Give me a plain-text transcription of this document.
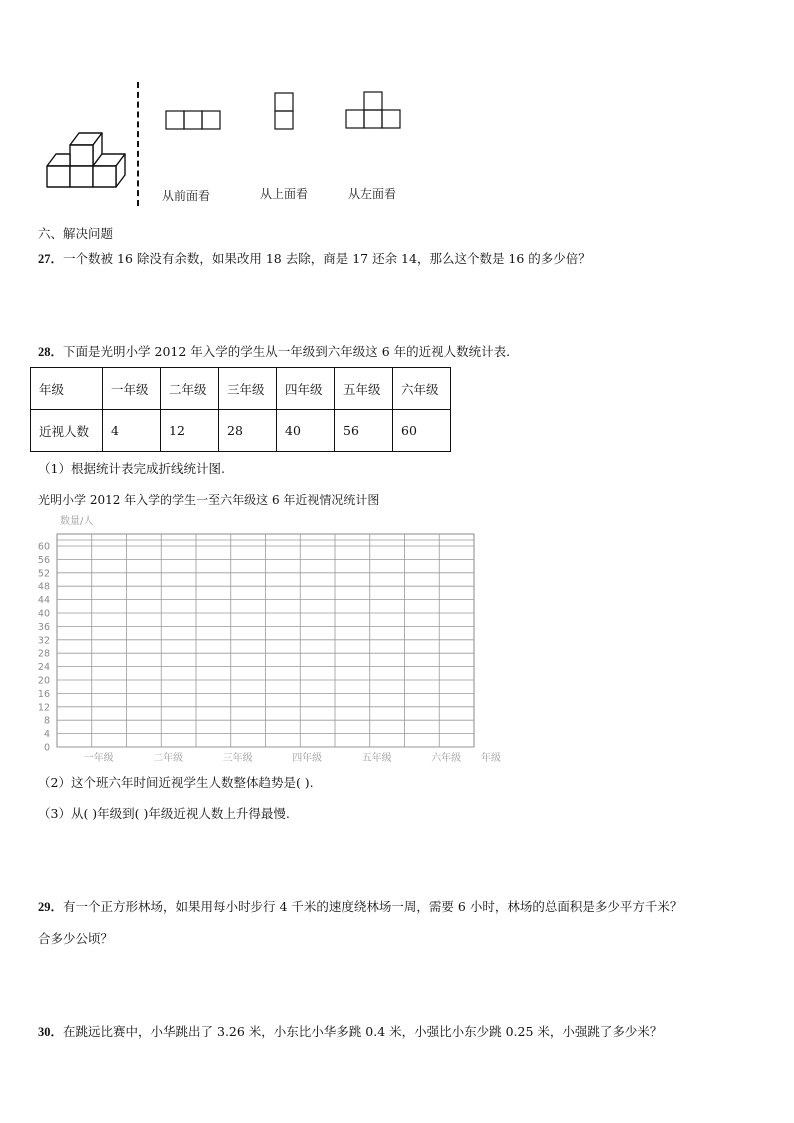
从前面看	从上面看	从左面看
六、解决问题
27．一个数被 16 除没有余数，如果改用 18 去除，商是 17 还余 14，那么这个数是 16 的多少倍？
28．下面是光明小学 2012 年入学的学生从一年级到六年级这 6 年的近视人数统计表.
年级	一年级	二年级	三年级	四年级	五年级	六年级
近视人数	4	12	28	40	56	60
（1）根据统计表完成折线统计图.
光明小学 2012 年入学的学生一至六年级这 6 年近视情况统计图
0
4
8
12
16
20
24
28
32
36
40
44
48
52
56
60
一年级	二年级	三年级	四年级	五年级	六年级
数量/人
年级
（2）这个班六年时间近视学生人数整体趋势是( ).
（3）从( )年级到( )年级近视人数上升得最慢.
29．有一个正方形林场，如果用每小时步行 4 千米的速度绕林场一周，需要 6 小时，林场的总面积是多少平方千米？
合多少公顷？
30．在跳远比赛中，小华跳出了 3.26 米，小东比小华多跳 0.4 米，小强比小东少跳 0.25 米，小强跳了多少米？
